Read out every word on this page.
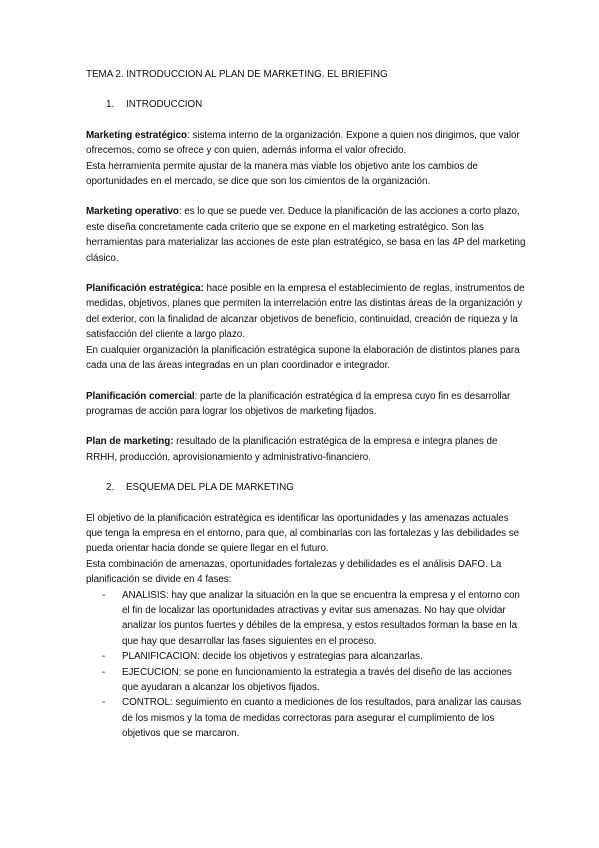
TEMA 2. INTRODUCCION AL PLAN DE MARKETING. EL BRIEFING

1. INTRODUCCION

Marketing estratégico: sistema interno de la organización. Expone a quien nos dirigimos, que valor ofrecemos, como se ofrece y con quien, además informa el valor ofrecido.
Esta herramienta permite ajustar de la manera mas viable los objetivo ante los cambios de oportunidades en el mercado, se dice que son los cimientos de la organización.
Marketing operativo: es lo que se puede ver. Deduce la planificación de las acciones a corto plazo, este diseña concretamente cada criterio que se expone en el marketing estratégico. Son las herramientas para materializar las acciones de este plan estratégico, se basa en las 4P del marketing clásico.
Planificación estratégica: hace posible en la empresa el establecimiento de reglas, instrumentos de medidas, objetivos, planes que permiten la interrelación entre las distintas áreas de la organización y del exterior, con la finalidad de alcanzar objetivos de beneficio, continuidad, creación de riqueza y la satisfacción del cliente a largo plazo.
En cualquier organización la planificación estratégica supone la elaboración de distintos planes para cada una de las áreas integradas en un plan coordinador e integrador.
Planificación comercial: parte de la planificación estratégica d la empresa cuyo fin es desarrollar programas de acción para lograr los objetivos de marketing fijados.
Plan de marketing: resultado de la planificación estratégica de la empresa e integra planes de RRHH, producción, aprovisionamiento y administrativo-financiero.

2. ESQUEMA DEL PLA DE MARKETING

El objetivo de la planificación estratégica es identificar las oportunidades y las amenazas actuales que tenga la empresa en el entorno, para que, al combinarlas con las fortalezas y las debilidades se pueda orientar hacia donde se quiere llegar en el futuro.
Esta combinación de amenazas, oportunidades fortalezas y debilidades es el análisis DAFO. La planificación se divide en 4 fases:
- ANALISIS: hay que analizar la situación en la que se encuentra la empresa y el entorno con el fin de localizar las oportunidades atractivas y evitar sus amenazas. No hay que olvidar analizar los puntos fuertes y débiles de la empresa, y estos resultados forman la base en la que hay que desarrollar las fases siguientes en el proceso.
- PLANIFICACION: decide los objetivos y estrategias para alcanzarlas.
- EJECUCION: se pone en funcionamiento la estrategia a través del diseño de las acciones que ayudaran a alcanzar los objetivos fijados.
- CONTROL: seguimiento en cuanto a mediciones de los resultados, para analizar las causas de los mismos y la toma de medidas correctoras para asegurar el cumplimiento de los objetivos que se marcaron.
